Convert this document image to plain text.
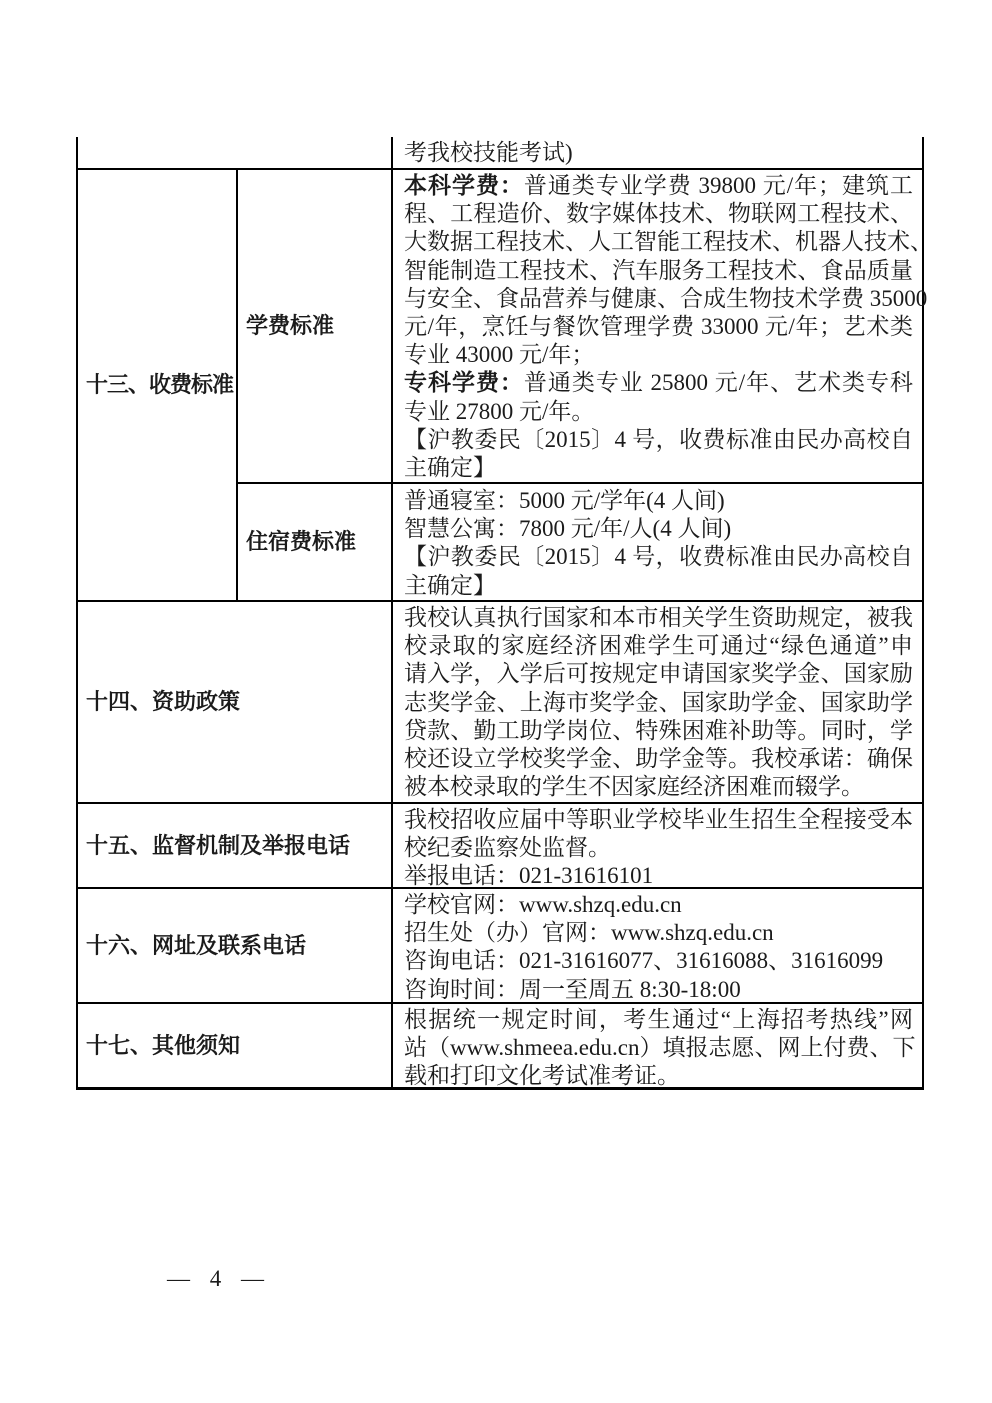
考我校技能考试)
十三、收费标准
学费标准
本科学费：普通类专业学费 39800 元/年；建筑工
程、工程造价、数字媒体技术、物联网工程技术、
大数据工程技术、人工智能工程技术、机器人技术、
智能制造工程技术、汽车服务工程技术、食品质量
与安全、食品营养与健康、合成生物技术学费 35000
元/年，烹饪与餐饮管理学费 33000 元/年；艺术类
专业 43000 元/年；
专科学费：普通类专业 25800 元/年、艺术类专科
专业 27800 元/年。
【沪教委民〔2015〕4 号，收费标准由民办高校自
主确定】
住宿费标准
普通寝室：5000 元/学年(4 人间)
智慧公寓：7800 元/年/人(4 人间)
【沪教委民〔2015〕4 号，收费标准由民办高校自
主确定】
十四、资助政策
我校认真执行国家和本市相关学生资助规定，被我
校录取的家庭经济困难学生可通过“绿色通道”申
请入学，入学后可按规定申请国家奖学金、国家励
志奖学金、上海市奖学金、国家助学金、国家助学
贷款、勤工助学岗位、特殊困难补助等。同时，学
校还设立学校奖学金、助学金等。我校承诺：确保
被本校录取的学生不因家庭经济困难而辍学。
十五、监督机制及举报电话
我校招收应届中等职业学校毕业生招生全程接受本
校纪委监察处监督。
举报电话：021-31616101
十六、网址及联系电话
学校官网：www.shzq.edu.cn
招生处（办）官网：www.shzq.edu.cn
咨询电话：021-31616077、31616088、31616099
咨询时间：周一至周五 8:30-18:00
十七、其他须知
根据统一规定时间，考生通过“上海招考热线”网
站（www.shmeea.edu.cn）填报志愿、网上付费、下
载和打印文化考试准考证。
— 4 —
